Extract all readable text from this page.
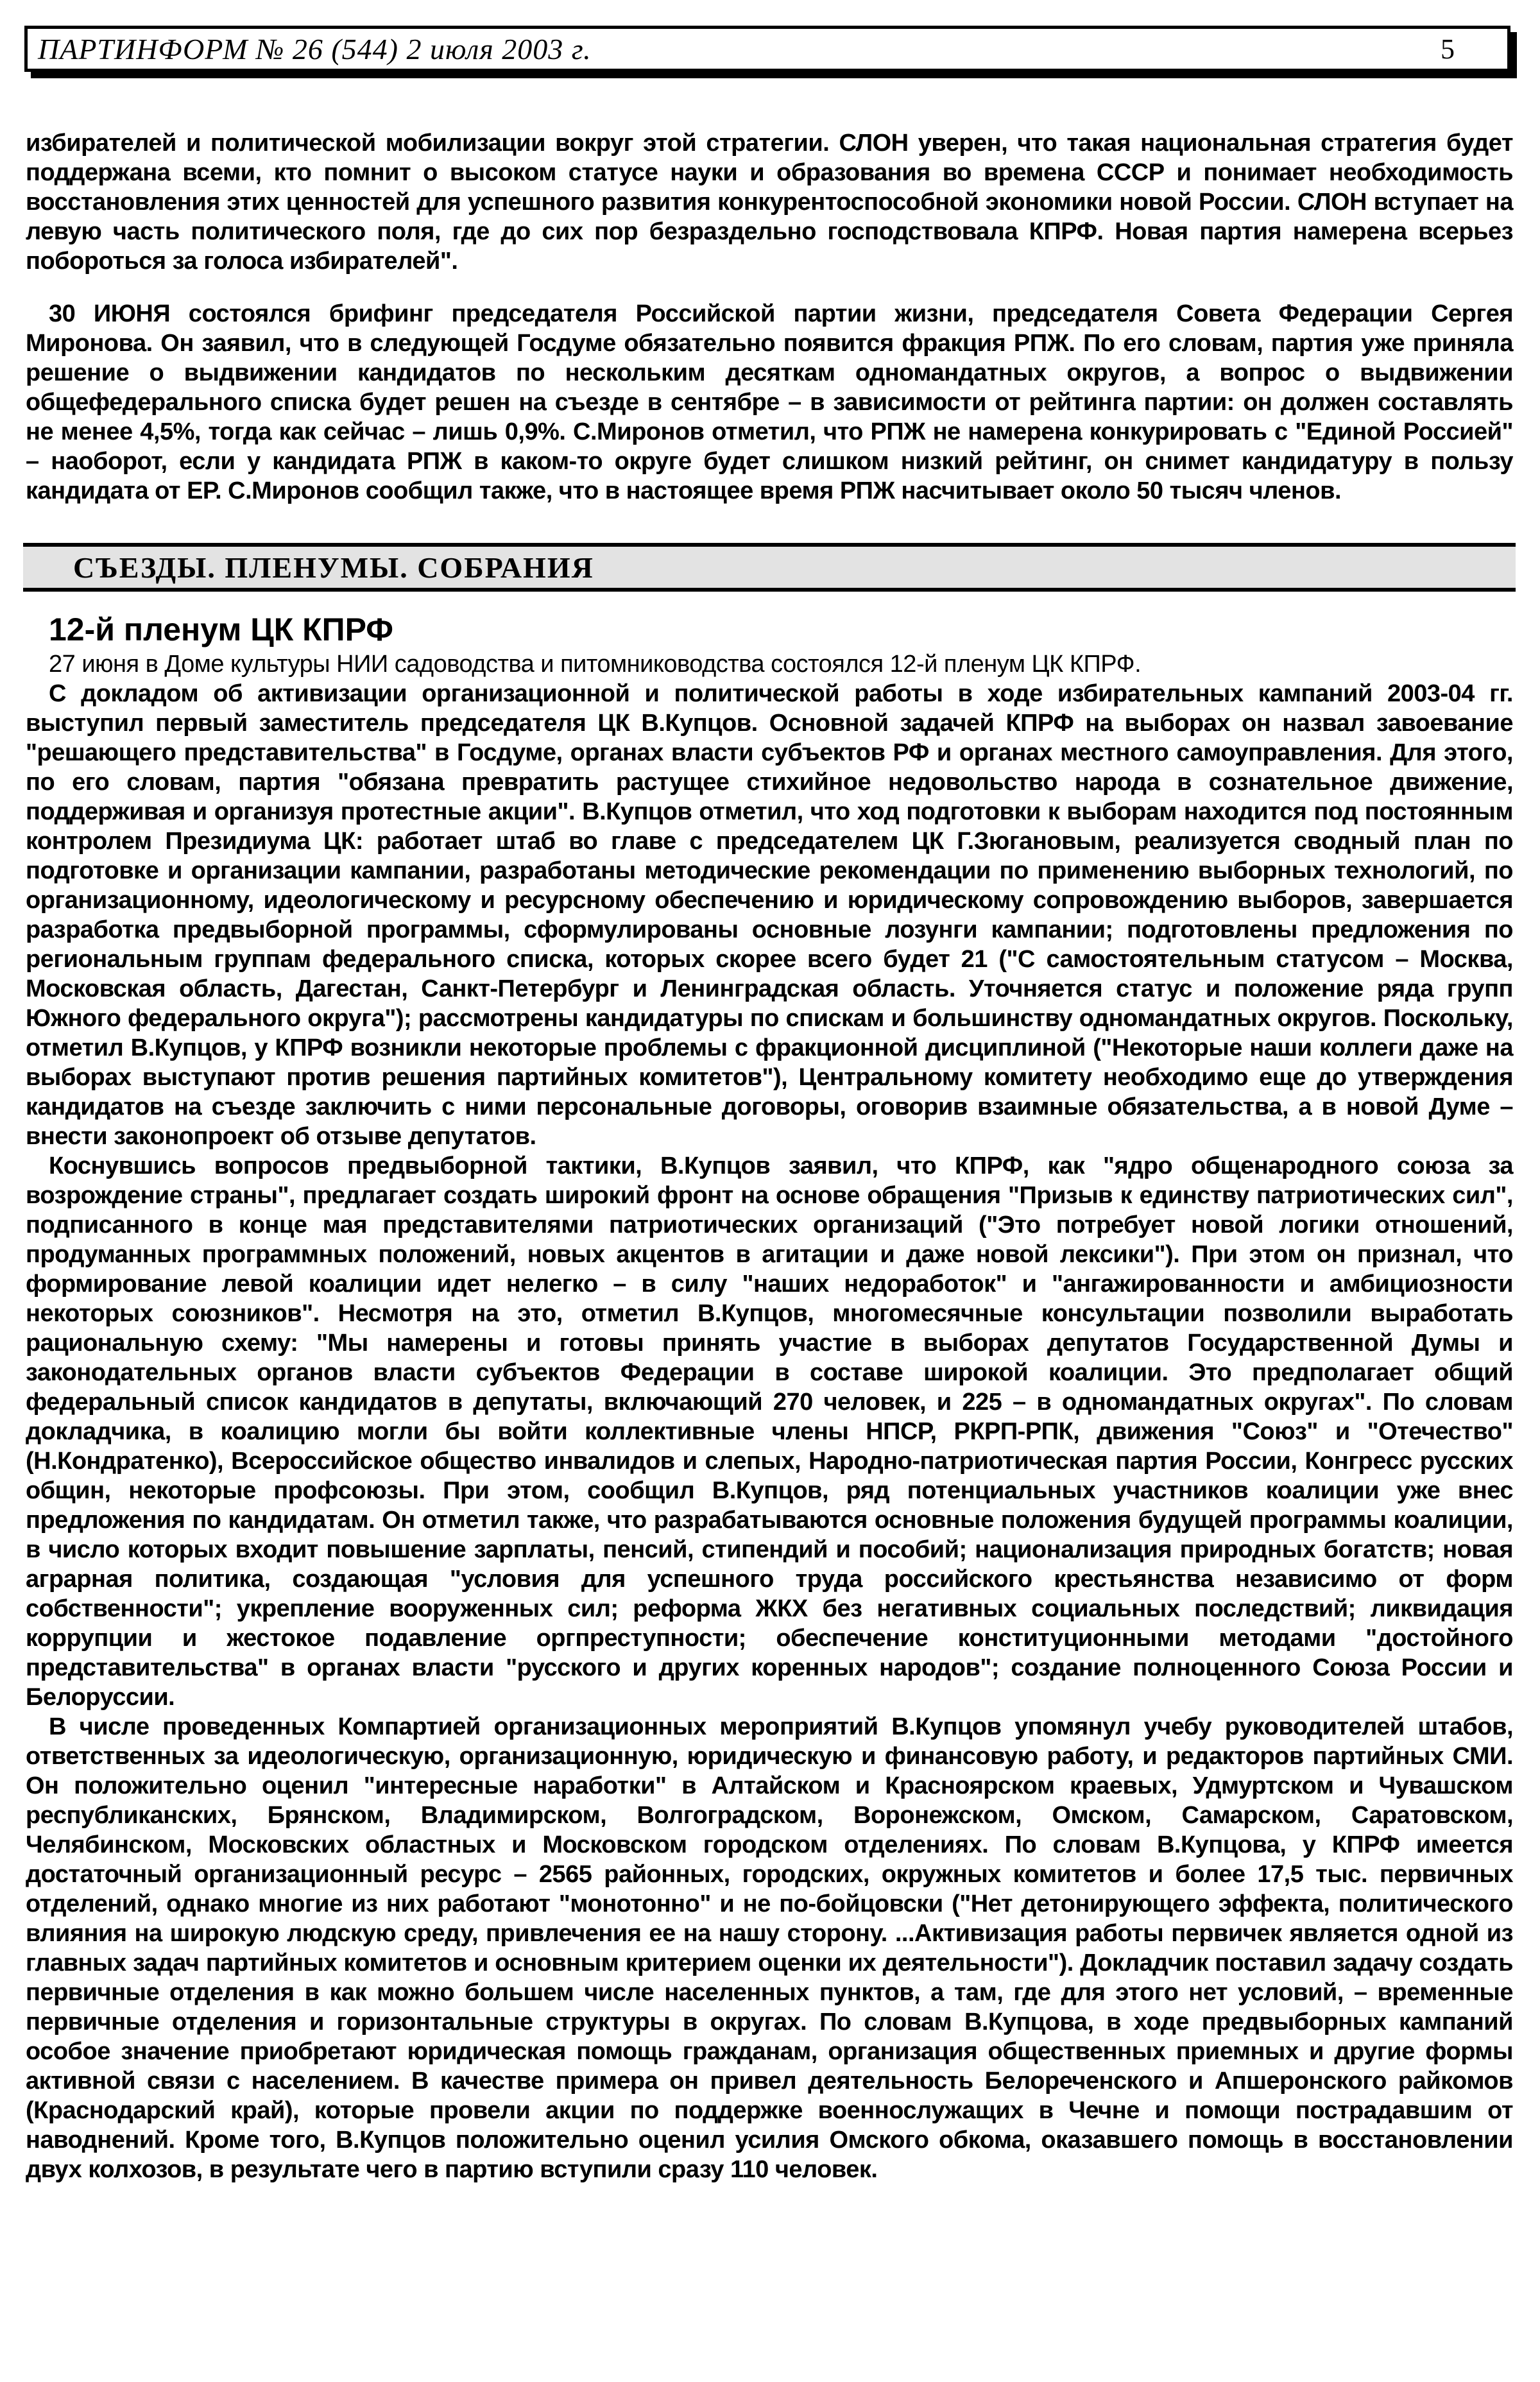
ПАРТИНФОРМ № 26 (544) 2 июля 2003 г.	5

избирателей и политической мобилизации вокруг этой стратегии. СЛОН уверен, что такая национальная стратегия будет поддержана всеми, кто помнит о высоком статусе науки и образования во времена СССР и понимает необходимость восстановления этих ценностей для успешного развития конкурентоспособной экономики новой России. СЛОН вступает на левую часть политического поля, где до сих пор безраздельно господствовала КПРФ. Новая партия намерена всерьез побороться за голоса избирателей".

30 ИЮНЯ состоялся брифинг председателя Российской партии жизни, председателя Совета Федерации Сергея Миронова. Он заявил, что в следующей Госдуме обязательно появится фракция РПЖ. По его словам, партия уже приняла решение о выдвижении кандидатов по нескольким десяткам одномандатных округов, а вопрос о выдвижении общефедерального списка будет решен на съезде в сентябре – в зависимости от рейтинга партии: он должен составлять не менее 4,5%, тогда как сейчас – лишь 0,9%. С.Миронов отметил, что РПЖ не намерена конкурировать с "Единой Россией" – наоборот, если у кандидата РПЖ в каком-то округе будет слишком низкий рейтинг, он снимет кандидатуру в пользу кандидата от ЕР. С.Миронов сообщил также, что в настоящее время РПЖ насчитывает около 50 тысяч членов.

СЪЕЗДЫ. ПЛЕНУМЫ. СОБРАНИЯ
12-й пленум ЦК КПРФ

27 июня в Доме культуры НИИ садоводства и питомниководства состоялся 12-й пленум ЦК КПРФ.

С докладом об активизации организационной и политической работы в ходе избирательных кампаний 2003-04 гг. выступил первый заместитель председателя ЦК В.Купцов. Основной задачей КПРФ на выборах он назвал завоевание "решающего представительства" в Госдуме, органах власти субъектов РФ и органах местного самоуправления. Для этого, по его словам, партия "обязана превратить растущее стихийное недовольство народа в сознательное движение, поддерживая и организуя протестные акции". В.Купцов отметил, что ход подготовки к выборам находится под постоянным контролем Президиума ЦК: работает штаб во главе с председателем ЦК Г.Зюгановым, реализуется сводный план по подготовке и организации кампании, разработаны методические рекомендации по применению выборных технологий, по организационному, идеологическому и ресурсному обеспечению и юридическому сопровождению выборов, завершается разработка предвыборной программы, сформулированы основные лозунги кампании; подготовлены предложения по региональным группам федерального списка, которых скорее всего будет 21 ("С самостоятельным статусом – Москва, Московская область, Дагестан, Санкт-Петербург и Ленинградская область. Уточняется статус и положение ряда групп Южного федерального округа"); рассмотрены кандидатуры по спискам и большинству одномандатных округов. Поскольку, отметил В.Купцов, у КПРФ возникли некоторые проблемы с фракционной дисциплиной ("Некоторые наши коллеги даже на выборах выступают против решения партийных комитетов"), Центральному комитету необходимо еще до утверждения кандидатов на съезде заключить с ними персональные договоры, оговорив взаимные обязательства, а в новой Думе – внести законопроект об отзыве депутатов.

Коснувшись вопросов предвыборной тактики, В.Купцов заявил, что КПРФ, как "ядро общенародного союза за возрождение страны", предлагает создать широкий фронт на основе обращения "Призыв к единству патриотических сил", подписанного в конце мая представителями патриотических организаций ("Это потребует новой логики отношений, продуманных программных положений, новых акцентов в агитации и даже новой лексики"). При этом он признал, что формирование левой коалиции идет нелегко – в силу "наших недоработок" и "ангажированности и амбициозности некоторых союзников". Несмотря на это, отметил В.Купцов, многомесячные консультации позволили выработать рациональную схему: "Мы намерены и готовы принять участие в выборах депутатов Государственной Думы и законодательных органов власти субъектов Федерации в составе широкой коалиции. Это предполагает общий федеральный список кандидатов в депутаты, включающий 270 человек, и 225 – в одномандатных округах". По словам докладчика, в коалицию могли бы войти коллективные члены НПСР, РКРП-РПК, движения "Союз" и "Отечество" (Н.Кондратенко), Всероссийское общество инвалидов и слепых, Народно-патриотическая партия России, Конгресс русских общин, некоторые профсоюзы. При этом, сообщил В.Купцов, ряд потенциальных участников коалиции уже внес предложения по кандидатам. Он отметил также, что разрабатываются основные положения будущей программы коалиции, в число которых входит повышение зарплаты, пенсий, стипендий и пособий; национализация природных богатств; новая аграрная политика, создающая "условия для успешного труда российского крестьянства независимо от форм собственности"; укрепление вооруженных сил; реформа ЖКХ без негативных социальных последствий; ликвидация коррупции и жестокое подавление оргпреступности; обеспечение конституционными методами "достойного представительства" в органах власти "русского и других коренных народов"; создание полноценного Союза России и Белоруссии.

В числе проведенных Компартией организационных мероприятий В.Купцов упомянул учебу руководителей штабов, ответственных за идеологическую, организационную, юридическую и финансовую работу, и редакторов партийных СМИ. Он положительно оценил "интересные наработки" в Алтайском и Красноярском краевых, Удмуртском и Чувашском республиканских, Брянском, Владимирском, Волгоградском, Воронежском, Омском, Самарском, Саратовском, Челябинском, Московских областных и Московском городском отделениях. По словам В.Купцова, у КПРФ имеется достаточный организационный ресурс – 2565 районных, городских, окружных комитетов и более 17,5 тыс. первичных отделений, однако многие из них работают "монотонно" и не по-бойцовски ("Нет детонирующего эффекта, политического влияния на широкую людскую среду, привлечения ее на нашу сторону. ...Активизация работы первичек является одной из главных задач партийных комитетов и основным критерием оценки их деятельности"). Докладчик поставил задачу создать первичные отделения в как можно большем числе населенных пунктов, а там, где для этого нет условий, – временные первичные отделения и горизонтальные структуры в округах. По словам В.Купцова, в ходе предвыборных кампаний особое значение приобретают юридическая помощь гражданам, организация общественных приемных и другие формы активной связи с населением. В качестве примера он привел деятельность Белореченского и Апшеронского райкомов (Краснодарский край), которые провели акции по поддержке военнослужащих в Чечне и помощи пострадавшим от наводнений. Кроме того, В.Купцов положительно оценил усилия Омского обкома, оказавшего помощь в восстановлении двух колхозов, в результате чего в партию вступили сразу 110 человек.
